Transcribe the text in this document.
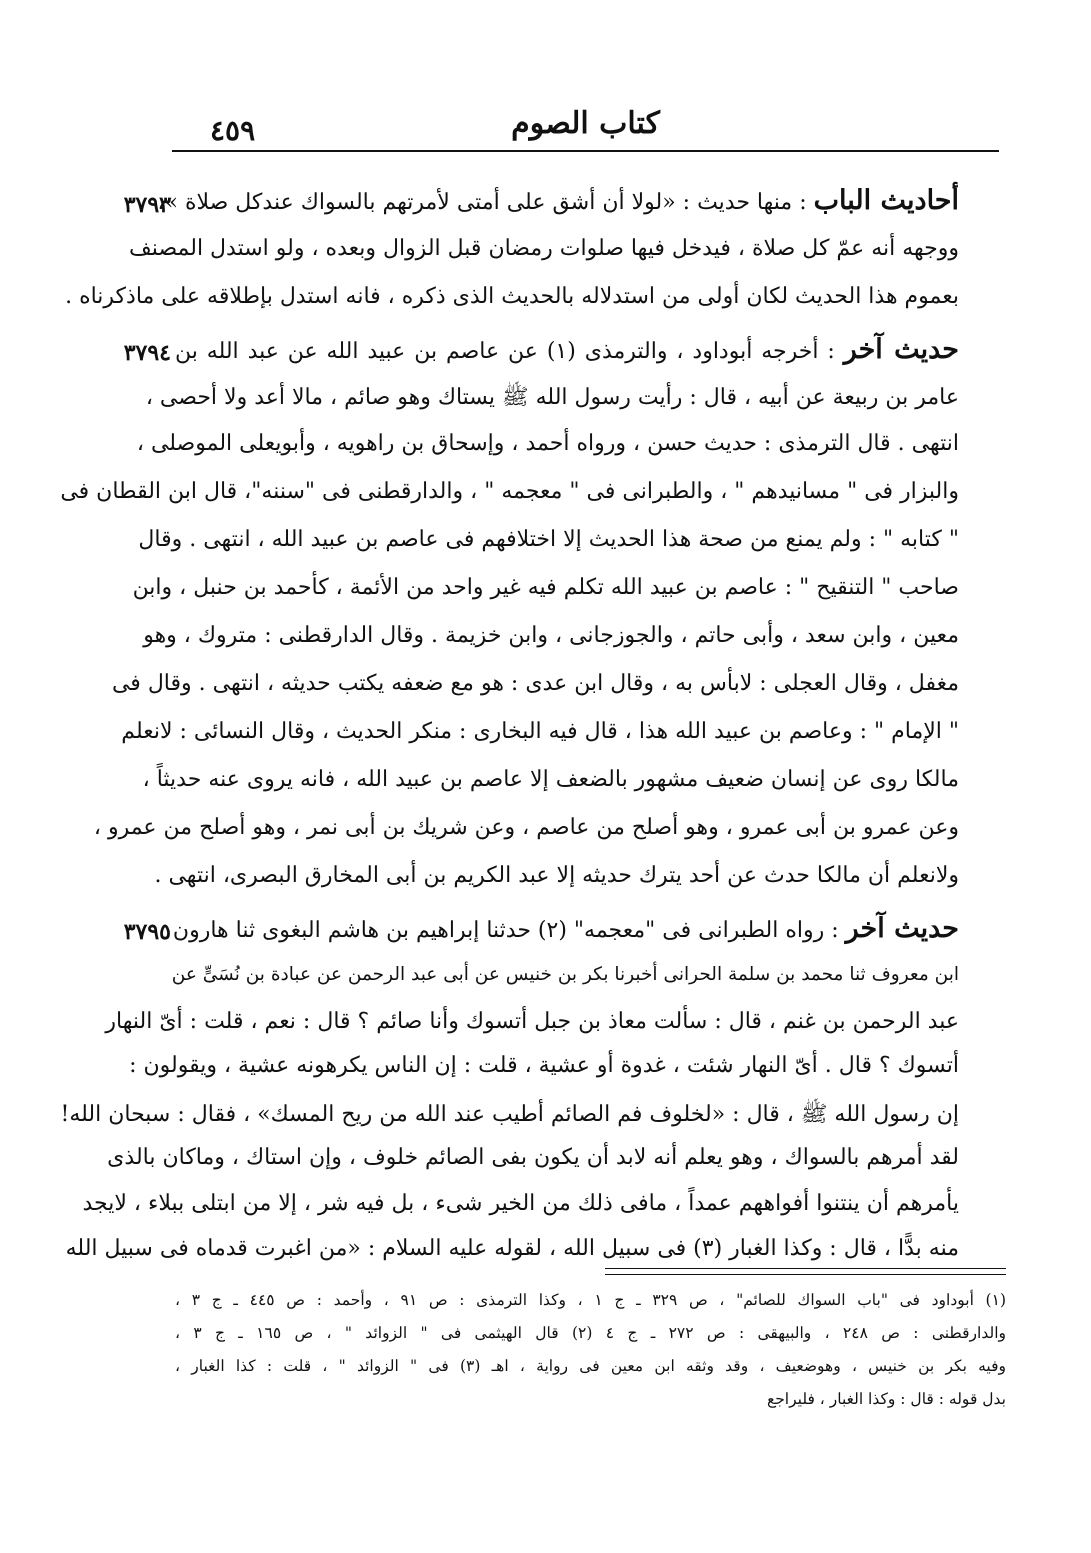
٤٥٩	كتاب الصوم
٣٧٩٣	أحاديث الباب : منها حديث : «لولا أن أشق على أمتى لأمرتهم بالسواك عندكل صلاة »،
ووجهه أنه عمّ كل صلاة ، فيدخل فيها صلوات رمضان قبل الزوال وبعده ، ولو استدل المصنف
بعموم هذا الحديث لكان أولى من استدلاله بالحديث الذى ذكره ، فانه استدل بإطلاقه على ماذكرناه .
٣٧٩٤	حديث آخر : أخرجه أبوداود ، والترمذى (١) عن عاصم بن عبيد الله عن عبد الله بن
عامر بن ربيعة عن أبيه ، قال : رأيت رسول الله ﷺ يستاك وهو صائم ، مالا أعد ولا أحصى ،
انتهى . قال الترمذى : حديث حسن ، ورواه أحمد ، وإسحاق بن راهويه ، وأبويعلى الموصلى ،
والبزار فى " مسانيدهم " ، والطبرانى فى " معجمه " ، والدارقطنى فى "سننه"، قال ابن القطان فى
" كتابه " : ولم يمنع من صحة هذا الحديث إلا اختلافهم فى عاصم بن عبيد الله ، انتهى . وقال
صاحب " التنقيح " : عاصم بن عبيد الله تكلم فيه غير واحد من الأئمة ، كأحمد بن حنبل ، وابن
معين ، وابن سعد ، وأبى حاتم ، والجوزجانى ، وابن خزيمة . وقال الدارقطنى : متروك ، وهو
مغفل ، وقال العجلى : لابأس به ، وقال ابن عدى : هو مع ضعفه يكتب حديثه ، انتهى . وقال فى
" الإمام " : وعاصم بن عبيد الله هذا ، قال فيه البخارى : منكر الحديث ، وقال النسائى : لانعلم
مالكا روى عن إنسان ضعيف مشهور بالضعف إلا عاصم بن عبيد الله ، فانه يروى عنه حديثاً ،
وعن عمرو بن أبى عمرو ، وهو أصلح من عاصم ، وعن شريك بن أبى نمر ، وهو أصلح من عمرو ،
ولانعلم أن مالكا حدث عن أحد يترك حديثه إلا عبد الكريم بن أبى المخارق البصرى، انتهى .
٣٧٩٥	حديث آخر : رواه الطبرانى فى "معجمه" (٢) حدثنا إبراهيم بن هاشم البغوى ثنا هارون
ابن معروف ثنا محمد بن سلمة الحرانى أخبرنا بكر بن خنيس عن أبى عبد الرحمن عن عبادة بن نُسَىٍّ عن
عبد الرحمن بن غنم ، قال : سألت معاذ بن جبل أتسوك وأنا صائم ؟ قال : نعم ، قلت : أىّ النهار
أتسوك ؟ قال . أىّ النهار شئت ، غدوة أو عشية ، قلت : إن الناس يكرهونه عشية ، ويقولون :
إن رسول الله ﷺ ، قال : «لخلوف فم الصائم أطيب عند الله من ريح المسك» ، فقال : سبحان الله!
لقد أمرهم بالسواك ، وهو يعلم أنه لابد أن يكون بفى الصائم خلوف ، وإن استاك ، وماكان بالذى
يأمرهم أن ينتنوا أفواههم عمداً ، مافى ذلك من الخير شىء ، بل فيه شر ، إلا من ابتلى ببلاء ، لايجد
منه بدًّا ، قال : وكذا الغبار (٣) فى سبيل الله ، لقوله عليه السلام : «من اغبرت قدماه فى سبيل الله
(١) أبوداود فى "باب السواك للصائم" ، ص ٣٢٩ ـ ج ١ ، وكذا الترمذى : ص ٩١ ، وأحمد : ص ٤٤٥ ـ ج ٣ ،
والدارقطنى : ص ٢٤٨ ، والبيهقى : ص ٢٧٢ ـ ج ٤ (٢) قال الهيثمى فى " الزوائد " ، ص ١٦٥ ـ ج ٣ ،
وفيه بكر بن خنيس ، وهوضعيف ، وقد وثقه ابن معين فى رواية ، اهـ (٣) فى " الزوائد " ، قلت : كذا الغبار ،
بدل قوله : قال : وكذا الغبار ، فليراجع
